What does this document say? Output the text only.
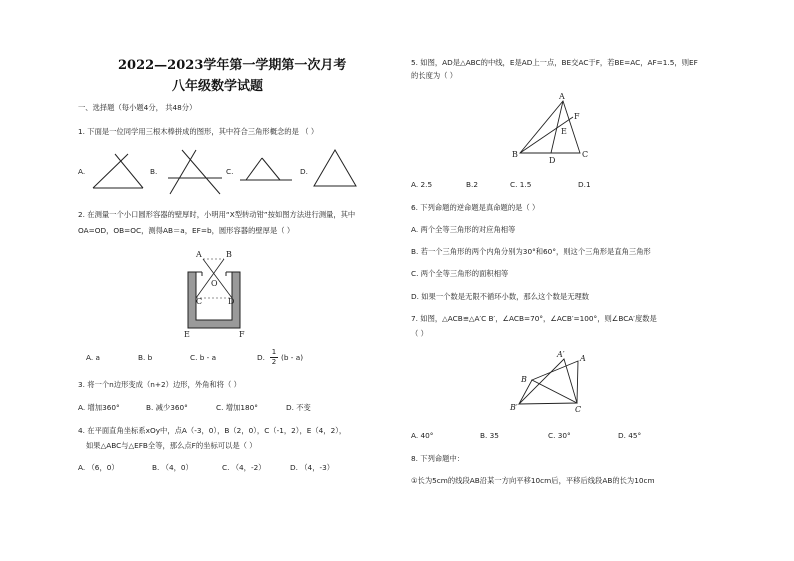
2022—2023学年第一学期第一次月考
八年级数学试题
一、选择题（每小题4分， 共48分）
1. 下面是一位同学用三根木棒拼成的图形，其中符合三角形概念的是 （ ）
A.	B.	C.	D.
2. 在测量一个小口圆形容器的壁厚时，小明用“X型转动钳”按如图方法进行测量，其中
OA=OD，OB=OC，测得AB＝a，EF=b，圆形容器的壁厚是（ ）
A	B
O
C	D
E	F
A. a	B. b	C. b - a	D.
1
2 (b - a)
3. 将一个n边形变成（n+2）边形，外角和将（ ）
A. 增加360°	B. 减少360°	C. 增加180°	D. 不变
4. 在平面直角坐标系xOy中，点A（-3，0），B（2，0），C（-1，2），E（4，2），
如果△ABC与△EFB全等，那么点F的坐标可以是（ ）
A. （6，0）	B. （4，0）	C. （4，-2）	D. （4，-3）
5. 如图，AD是△ABC的中线，E是AD上一点，BE交AC于F，若BE=AC，AF=1.5，则EF
的长度为（ ）
A
F
E
B	C
D
A. 2.5	B.2	C. 1.5	D.1
6. 下列命题的逆命题是真命题的是（ ）
A. 两个全等三角形的对应角相等
B. 若一个三角形的两个内角分别为30°和60°，则这个三角形是直角三角形
C. 两个全等三角形的面积相等
D. 如果一个数是无限不循环小数，那么这个数是无理数
7. 如图，△ACB≌△A′C B′，∠ACB=70°，∠ACB′=100°，则∠BCA′度数是
（ ）
A′ A
B
B′	C
A. 40°	B. 35	C. 30°	D. 45°
8. 下列命题中：
①长为5cm的线段AB沿某一方向平移10cm后，平移后线段AB的长为10cm
